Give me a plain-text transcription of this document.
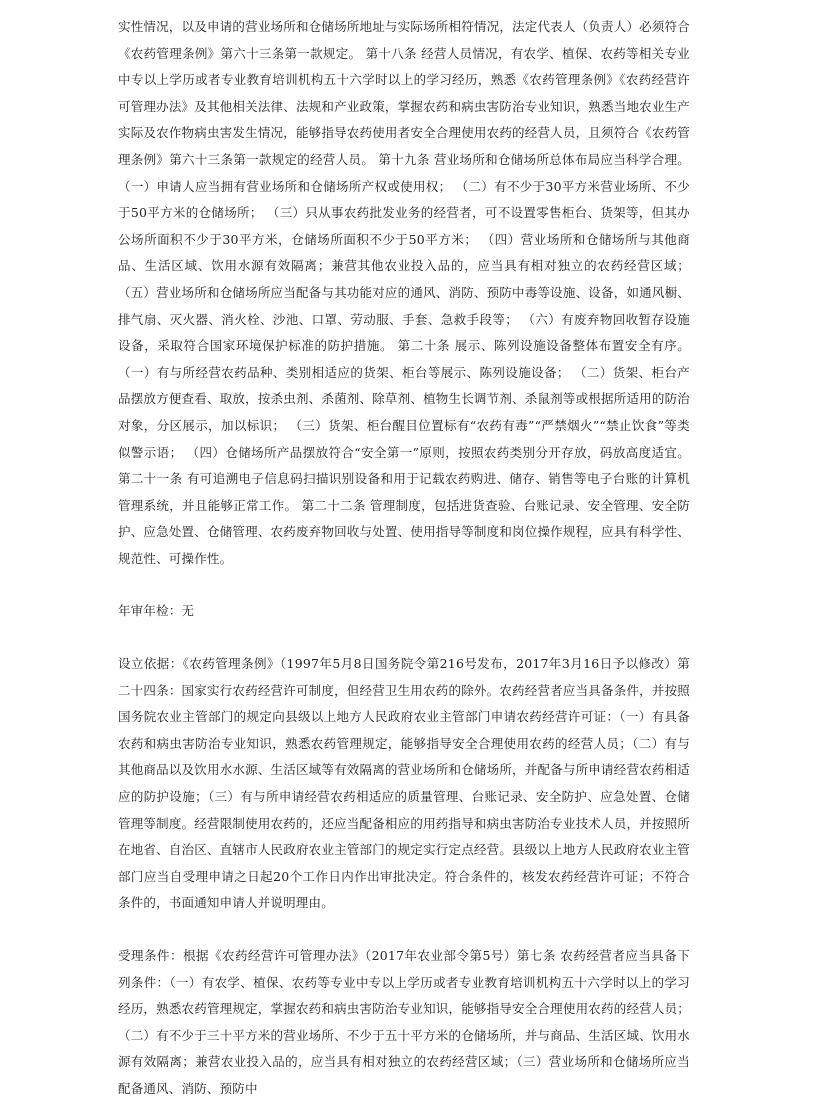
实性情况，以及申请的营业场所和仓储场所地址与实际场所相符情况，法定代表人（负责人）必须符合《农药管理条例》第六十三条第一款规定。 第十八条 经营人员情况，有农学、植保、农药等相关专业中专以上学历或者专业教育培训机构五十六学时以上的学习经历，熟悉《农药管理条例》《农药经营许可管理办法》及其他相关法律、法规和产业政策，掌握农药和病虫害防治专业知识，熟悉当地农业生产实际及农作物病虫害发生情况，能够指导农药使用者安全合理使用农药的经营人员，且须符合《农药管理条例》第六十三条第一款规定的经营人员。 第十九条 营业场所和仓储场所总体布局应当科学合理。 （一）申请人应当拥有营业场所和仓储场所产权或使用权； （二）有不少于30平方米营业场所、不少于50平方米的仓储场所； （三）只从事农药批发业务的经营者，可不设置零售柜台、货架等，但其办公场所面积不少于30平方米，仓储场所面积不少于50平方米； （四）营业场所和仓储场所与其他商品、生活区域、饮用水源有效隔离；兼营其他农业投入品的，应当具有相对独立的农药经营区域； （五）营业场所和仓储场所应当配备与其功能对应的通风、消防、预防中毒等设施、设备，如通风橱、排气扇、灭火器、消火栓、沙池、口罩、劳动服、手套、急救手段等； （六）有废弃物回收暂存设施设备，采取符合国家环境保护标准的防护措施。 第二十条 展示、陈列设施设备整体布置安全有序。 （一）有与所经营农药品种、类别相适应的货架、柜台等展示、陈列设施设备； （二）货架、柜台产品摆放方便查看、取放，按杀虫剂、杀菌剂、除草剂、植物生长调节剂、杀鼠剂等或根据所适用的防治对象，分区展示，加以标识； （三）货架、柜台醒目位置标有“农药有毒”“严禁烟火”“禁止饮食”等类似警示语； （四）仓储场所产品摆放符合“安全第一”原则，按照农药类别分开存放，码放高度适宜。 第二十一条 有可追溯电子信息码扫描识别设备和用于记载农药购进、储存、销售等电子台账的计算机管理系统，并且能够正常工作。 第二十二条 管理制度，包括进货查验、台账记录、安全管理、安全防护、应急处置、仓储管理、农药废弃物回收与处置、使用指导等制度和岗位操作规程，应具有科学性、规范性、可操作性。

年审年检：无

设立依据：《农药管理条例》（1997年5月8日国务院令第216号发布，2017年3月16日予以修改）第二十四条：国家实行农药经营许可制度，但经营卫生用农药的除外。农药经营者应当具备条件，并按照国务院农业主管部门的规定向县级以上地方人民政府农业主管部门申请农药经营许可证：（一）有具备农药和病虫害防治专业知识，熟悉农药管理规定，能够指导安全合理使用农药的经营人员；（二）有与其他商品以及饮用水水源、生活区域等有效隔离的营业场所和仓储场所，并配备与所申请经营农药相适应的防护设施；（三）有与所申请经营农药相适应的质量管理、台账记录、安全防护、应急处置、仓储管理等制度。经营限制使用农药的，还应当配备相应的用药指导和病虫害防治专业技术人员，并按照所在地省、自治区、直辖市人民政府农业主管部门的规定实行定点经营。县级以上地方人民政府农业主管部门应当自受理申请之日起20个工作日内作出审批决定。符合条件的，核发农药经营许可证；不符合条件的，书面通知申请人并说明理由。

受理条件：根据《农药经营许可管理办法》（2017年农业部令第5号）第七条 农药经营者应当具备下列条件：（一）有农学、植保、农药等专业中专以上学历或者专业教育培训机构五十六学时以上的学习经历，熟悉农药管理规定，掌握农药和病虫害防治专业知识，能够指导安全合理使用农药的经营人员；（二）有不少于三十平方米的营业场所、不少于五十平方米的仓储场所，并与商品、生活区域、饮用水源有效隔离；兼营农业投入品的，应当具有相对独立的农药经营区域；（三）营业场所和仓储场所应当配备通风、消防、预防中
